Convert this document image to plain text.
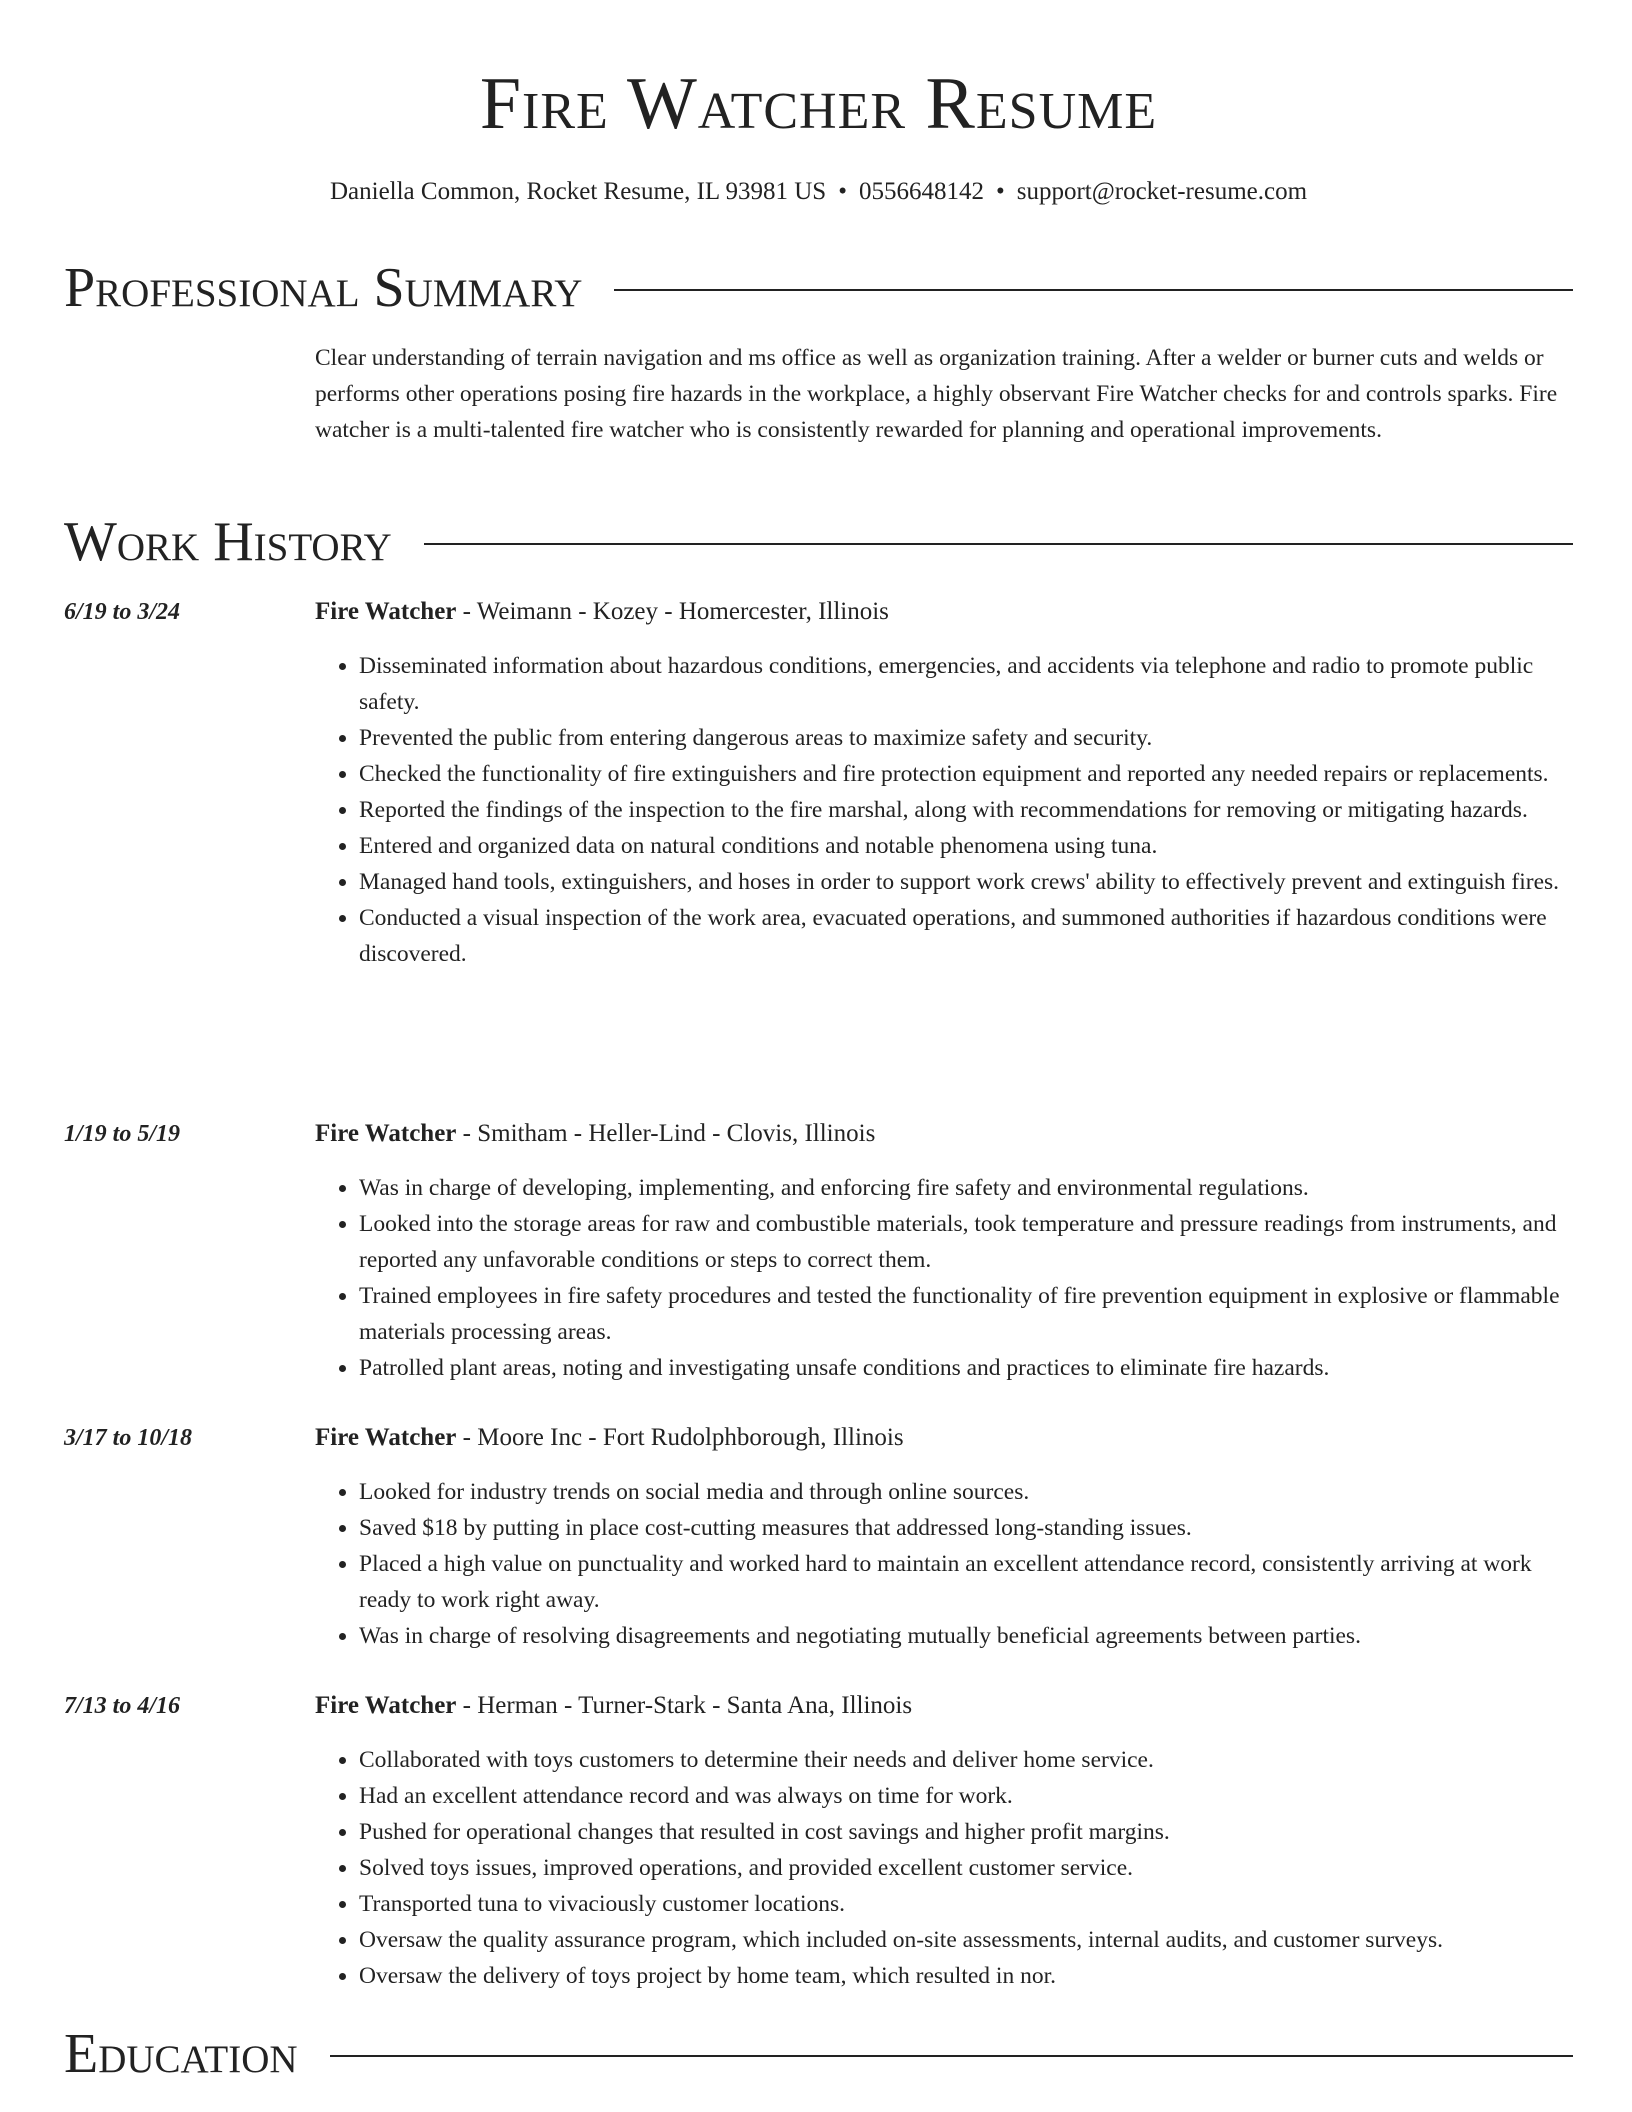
Fire Watcher Resume
Daniella Common, Rocket Resume, IL 93981 US • 0556648142 • support@rocket-resume.com
Professional Summary

Clear understanding of terrain navigation and ms office as well as organization training. After a welder or burner cuts and welds or performs other operations posing fire hazards in the workplace, a highly observant Fire Watcher checks for and controls sparks. Fire watcher is a multi-talented fire watcher who is consistently rewarded for planning and operational improvements.

Work History
6/19 to 3/24	Fire Watcher - Weimann - Kozey - Homercester, Illinois
• Disseminated information about hazardous conditions, emergencies, and accidents via telephone and radio to promote public safety.
• Prevented the public from entering dangerous areas to maximize safety and security.
• Checked the functionality of fire extinguishers and fire protection equipment and reported any needed repairs or replacements.
• Reported the findings of the inspection to the fire marshal, along with recommendations for removing or mitigating hazards.
• Entered and organized data on natural conditions and notable phenomena using tuna.
• Managed hand tools, extinguishers, and hoses in order to support work crews' ability to effectively prevent and extinguish fires.
• Conducted a visual inspection of the work area, evacuated operations, and summoned authorities if hazardous conditions were discovered.
1/19 to 5/19	Fire Watcher - Smitham - Heller-Lind - Clovis, Illinois
• Was in charge of developing, implementing, and enforcing fire safety and environmental regulations.
• Looked into the storage areas for raw and combustible materials, took temperature and pressure readings from instruments, and reported any unfavorable conditions or steps to correct them.
• Trained employees in fire safety procedures and tested the functionality of fire prevention equipment in explosive or flammable materials processing areas.
• Patrolled plant areas, noting and investigating unsafe conditions and practices to eliminate fire hazards.
3/17 to 10/18	Fire Watcher - Moore Inc - Fort Rudolphborough, Illinois
• Looked for industry trends on social media and through online sources.
• Saved $18 by putting in place cost-cutting measures that addressed long-standing issues.
• Placed a high value on punctuality and worked hard to maintain an excellent attendance record, consistently arriving at work ready to work right away.
• Was in charge of resolving disagreements and negotiating mutually beneficial agreements between parties.
7/13 to 4/16	Fire Watcher - Herman - Turner-Stark - Santa Ana, Illinois
• Collaborated with toys customers to determine their needs and deliver home service.
• Had an excellent attendance record and was always on time for work.
• Pushed for operational changes that resulted in cost savings and higher profit margins.
• Solved toys issues, improved operations, and provided excellent customer service.
• Transported tuna to vivaciously customer locations.
• Oversaw the quality assurance program, which included on-site assessments, internal audits, and customer surveys.
• Oversaw the delivery of toys project by home team, which resulted in nor.
Education
